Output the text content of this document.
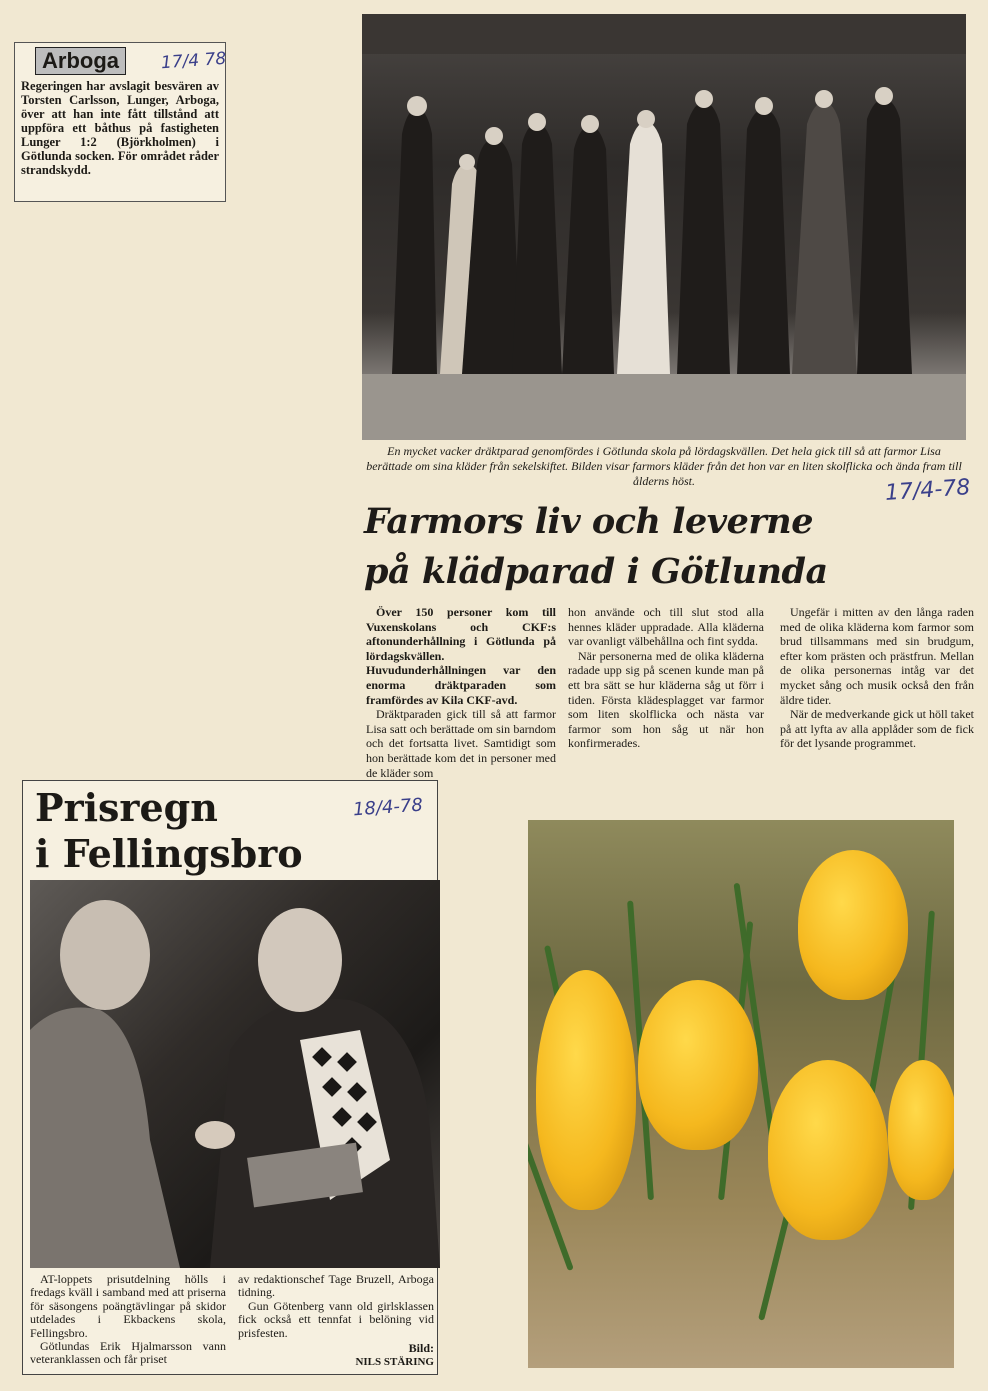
Arboga 17/4 78

Regeringen har avslagit besvären av Torsten Carlsson, Lunger, Arboga, över att han inte fått tillstånd att uppföra ett båthus på fastigheten Lunger 1:2 (Björkholmen) i Götlunda socken. För området råder strandskydd.

En mycket vacker dräktparad genomfördes i Götlunda skola på lördagskvällen. Det hela gick till så att farmor Lisa berättade om sina kläder från sekelskiftet. Bilden visar farmors kläder från det hon var en liten skolflicka och ända fram till ålderns höst.	17/4-78
Farmors liv och leverne
på klädparad i Götlunda
Över 150 personer kom till Vuxenskolans och CKF:s aftonunderhållning i Götlunda på lördagskvällen. Huvudunderhållningen var den enorma dräktparaden som framfördes av Kila CKF-avd.
Dräktparaden gick till så att farmor Lisa satt och berättade om sin barndom och det fortsatta livet. Samtidigt som hon berättade kom det in personer med de kläder som
hon använde och till slut stod alla hennes kläder uppradade. Alla kläderna var ovanligt välbehållna och fint sydda.
När personerna med de olika kläderna radade upp sig på scenen kunde man på ett bra sätt se hur kläderna såg ut förr i tiden. Första klädesplagget var farmor som liten skolflicka och nästa var farmor som hon såg ut när hon konfirmerades.
Ungefär i mitten av den långa raden med de olika kläderna kom farmor som brud tillsammans med sin brudgum, efter kom prästen och prästfrun. Mellan de olika personernas intåg var det mycket sång och musik också den från äldre tider.
När de medverkande gick ut höll taket på att lyfta av alla applåder som de fick för det lysande programmet.
Prisregn
i Fellingsbro
18/4-78
AT-loppets prisutdelning hölls i fredags kväll i samband med att priserna för säsongens poängtävlingar på skidor utdelades i Ekbackens skola, Fellingsbro.
Götlundas Erik Hjalmarsson vann veteranklassen och får priset
av redaktionschef Tage Bruzell, Arboga tidning.
Gun Götenberg vann old girlsklassen fick också ett tennfat i belöning vid prisfesten.
Bild:
NILS STÄRING
